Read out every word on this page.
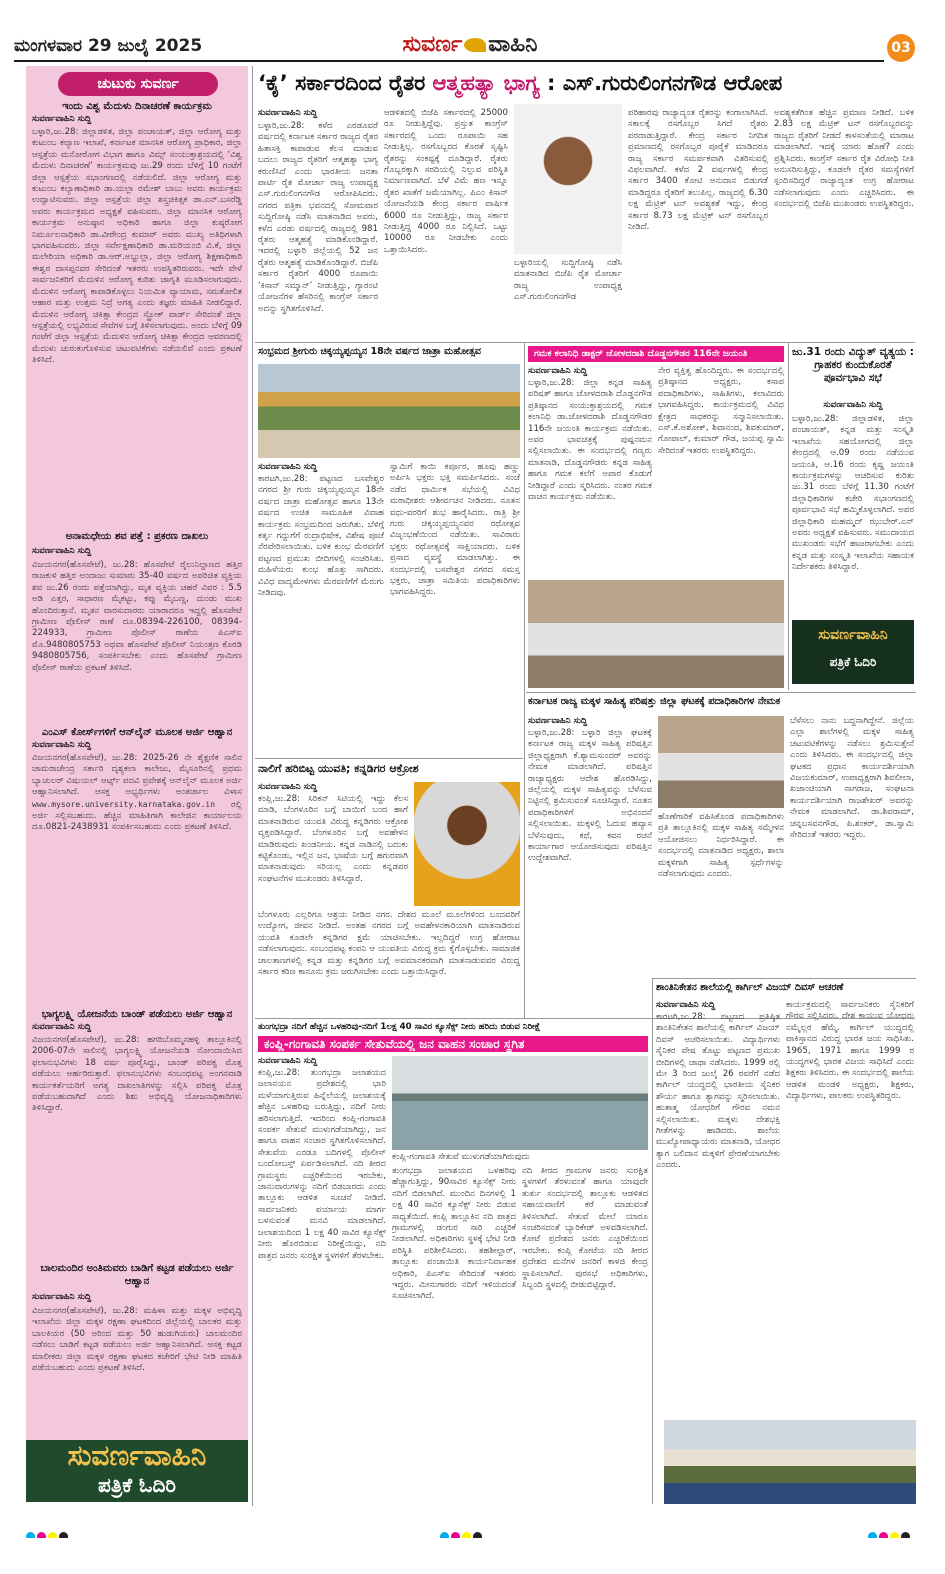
ಮಂಗಳವಾರ 29 ಜುಲೈ 2025	ಸುವರ್ಣ ವಾಹಿನಿ	03
ಚುಟುಕು ಸುವರ್ಣ
ಇಂದು ವಿಶ್ವ ಮೆದುಳು ದಿನಾಚರಣೆ ಕಾರ್ಯಕ್ರಮ
ಸುವರ್ಣವಾಹಿನಿ ಸುದ್ದಿ
ಬಳ್ಳಾರಿ,ಜು.28: ಜಿಲ್ಲಾಡಳಿತ, ಜಿಲ್ಲಾ ಪಂಚಾಯತ್, ಜಿಲ್ಲಾ ಆರೋಗ್ಯ ಮತ್ತು ಕುಟುಂಬ ಕಲ್ಯಾಣ ಇಲಾಖೆ, ಕರ್ನಾಟಕ ಮಾನಸಿಕ ಆರೋಗ್ಯ ಪ್ರಾಧಿಕಾರ, ಜಿಲ್ಲಾ ಆಸ್ಪತ್ರೆಯ ಮನೋರೋಗ ವಿಭಾಗ ಹಾಗೂ ವಿಮ್ಸ್ ಸಂಯುಕ್ತಾಶ್ರಯದಲ್ಲಿ ‘ವಿಶ್ವ ಮೆದುಳು ದಿನಾಚರಣೆ’ ಕಾರ್ಯಕ್ರಮವು ಜು.29 ರಂದು ಬೆಳಿಗ್ಗೆ 10 ಗಂಟೆಗೆ ಜಿಲ್ಲಾ ಆಸ್ಪತ್ರೆಯ ಸಭಾಂಗಣದಲ್ಲಿ ನಡೆಯಲಿದೆ. ಜಿಲ್ಲಾ ಆರೋಗ್ಯ ಮತ್ತು ಕುಟುಂಬ ಕಲ್ಯಾಣಾಧಿಕಾರಿ ಡಾ.ಯಲ್ಲಾ ರಮೇಶ್ ಬಾಬು ಅವರು ಕಾರ್ಯಕ್ರಮ ಉದ್ಘಾಟಿಸುವರು. ಜಿಲ್ಲಾ ಆಸ್ಪತ್ರೆಯ ಜಿಲ್ಲಾ ಶಸ್ತ್ರಚಿಕಿತ್ಸಕ ಡಾ.ಎನ್.ಬಸರೆಡ್ಡಿ ಅವರು ಕಾರ್ಯಕ್ರಮದ ಅಧ್ಯಕ್ಷತೆ ವಹಿಸುವರು. ಜಿಲ್ಲಾ ಮಾನಸಿಕ ಆರೋಗ್ಯ ಕಾರ್ಯಕ್ರಮ ಅನುಷ್ಠಾನ ಅಧಿಕಾರಿ ಹಾಗೂ ಜಿಲ್ಲಾ ಕುಷ್ಠರೋಗ ನಿರ್ಮೂಲನಾಧಿಕಾರಿ ಡಾ.ವೀರೇಂದ್ರ ಕುಮಾರ್ ಅವರು ಮುಖ್ಯ ಅತಿಥಿಗಳಾಗಿ ಭಾಗವಹಿಸುವರು. ಜಿಲ್ಲಾ ಸರ್ವೇಕ್ಷಣಾಧಿಕಾರಿ ಡಾ.ಮರಿಯಂಬಿ ವಿ.ಕೆ, ಜಿಲ್ಲಾ ಮಲೇರಿಯಾ ಅಧಿಕಾರಿ ಡಾ.ಆರ್.ಅಬ್ದುಲ್ಲಾ, ಜಿಲ್ಲಾ ಆರೋಗ್ಯ ಶಿಕ್ಷಣಾಧಿಕಾರಿ ಈಶ್ವರ ದಾಸಪ್ಪನವರ ಸೇರಿದಂತೆ ಇತರರು ಉಪಸ್ಥಿತರಿರುವರು. ಇದೇ ವೇಳೆ ಸಾರ್ವಜನಿಕರಿಗೆ ಮೆದುಳಿನ ಆರೋಗ್ಯ ಕುರಿತು ಜಾಗೃತಿ ಮೂಡಿಸಲಾಗುವುದು. ಮೆದುಳಿನ ಆರೋಗ್ಯ ಕಾಪಾಡಿಕೊಳ್ಳಲು ನಿಯಮಿತ ವ್ಯಾಯಾಮ, ಸಮತೋಲಿತ ಆಹಾರ ಮತ್ತು ಉತ್ತಮ ನಿದ್ರೆ ಅಗತ್ಯ ಎಂದು ತಜ್ಞರು ಮಾಹಿತಿ ನೀಡಲಿದ್ದಾರೆ. ಮೆದುಳಿನ ಆರೋಗ್ಯ ಚಿಕಿತ್ಸಾ ಕೇಂದ್ರದ ಸ್ಟ್ರೋಕ್ ವಾರ್ಡ್ ಸೇರಿದಂತೆ ಜಿಲ್ಲಾ ಆಸ್ಪತ್ರೆಯಲ್ಲಿ ಲಭ್ಯವಿರುವ ಸೇವೆಗಳ ಬಗ್ಗೆ ತಿಳಿಸಲಾಗುವುದು. ಅಂದು ಬೆಳಿಗ್ಗೆ 09 ಗಂಟೆಗೆ ಜಿಲ್ಲಾ ಆಸ್ಪತ್ರೆಯ ಮೆದುಳಿನ ಆರೋಗ್ಯ ಚಿಕಿತ್ಸಾ ಕೇಂದ್ರದ ಆವರಣದಲ್ಲಿ ಮೆದುಳು ಚುರುಕುಗೊಳಿಸುವ ಚಟುವಟಿಕೆಗಳು ನಡೆಯಲಿವೆ ಎಂದು ಪ್ರಕಟಣೆ ತಿಳಿಸಿದೆ.
ಅನಾಮಧೇಯ ಶವ ಪತ್ತೆ : ಪ್ರಕರಣ ದಾಖಲು
ಸುವರ್ಣವಾಹಿನಿ ಸುದ್ದಿ
ವಿಜಯನಗರ(ಹೊಸಪೇಟೆ), ಜು.28: ಹೊಸಪೇಟೆ ರೈಲುನಿಲ್ದಾಣದ ಹತ್ತಿರ ರಾಜಕುಳಿ ಹತ್ತಿರ ಅಂದಾಜು ಸುಮಾರು 35-40 ವರ್ಷದ ಅಪರಿಚಿತ ವ್ಯಕ್ತಿಯ ಶವ ಜು.26 ರಂದು ಪತ್ತೆಯಾಗಿದ್ದು, ಮೃತ ವ್ಯಕ್ತಿಯ ಚಹರೆ ವಿವರ : 5.5 ಅಡಿ ಎತ್ತರ, ಸಾಧಾರಣ ಮೈಕಟ್ಟು, ಕಪ್ಪು ಮೈಬಣ್ಣ, ದುಂಡು ಮುಖ ಹೊಂದಿರುತ್ತಾನೆ. ಮೃತನ ವಾರಸುದಾರರು ಯಾರಾದರೂ ಇದ್ದಲ್ಲಿ ಹೊಸಪೇಟೆ ಗ್ರಾಮೀಣ ಪೊಲೀಸ್ ಠಾಣೆ ದೂ.08394-226100, 08394-224933, ಗ್ರಾಮೀಣ ಪೊಲೀಸ್ ಠಾಣೆಯ ಪಿಎಸ್ಐ ಮೊ.9480805753 ಅಥವಾ ಹೊಸಪೇಟೆ ಪೊಲೀಸ್ ನಿಯಂತ್ರಣ ಕೊಠಡಿ 9480805756, ಸಂಪರ್ಕಿಸಬೇಕು ಎಂದು ಹೊಸಪೇಟೆ ಗ್ರಾಮೀಣ ಪೊಲೀಸ್ ಠಾಣೆಯ ಪ್ರಕಟಣೆ ತಿಳಿಸಿದೆ.
ಎಂಎಸ್ ಕೋರ್ಸ್‌ಗಳಿಗೆ ಆನ್‌ಲೈನ್ ಮೂಲಕ ಅರ್ಜಿ ಆಹ್ವಾನ
ಸುವರ್ಣವಾಹಿನಿ ಸುದ್ದಿ
ವಿಜಯನಗರ(ಹೊಸಪೇಟೆ), ಜು.28: 2025-26 ನೇ ಶೈಕ್ಷಣಿಕ ಸಾಲಿನ ಚಾಮರಾಜೇಂದ್ರ ಸರ್ಕಾರಿ ದೃಶ್ಯಕಲಾ ಕಾಲೇಜು, ಮೈಸೂರಿನಲ್ಲಿ ಪ್ರಥಮ ಬ್ಯಾಚುಲರ್ ವಿಷುಯಲ್ ಆರ್ಟ್ಸ್ ಪದವಿ ಪ್ರವೇಶಕ್ಕೆ ಆನ್‌ಲೈನ್ ಮೂಲಕ ಅರ್ಜಿ ಆಹ್ವಾನಿಸಲಾಗಿದೆ. ಆಸಕ್ತ ಅಭ್ಯರ್ಥಿಗಳು ಅಂತರ್ಜಾಲ ವಿಳಾಸ www.mysore.university.karnataka.gov.in ರಲ್ಲಿ ಅರ್ಜಿ ಸಲ್ಲಿಸಬಹುದು. ಹೆಚ್ಚಿನ ಮಾಹಿತಿಗಾಗಿ ಕಾಲೇಜಿನ ಕಾರ್ಯಾಲಯ ದೂ.0821-2438931 ಸಂಪರ್ಕಿಸಬಹುದು ಎಂದು ಪ್ರಕಟಣೆ ತಿಳಿಸಿದೆ.
ಭಾಗ್ಯಲಕ್ಷ್ಮಿ ಯೋಜನೆಯ ಬಾಂಡ್ ಪಡೆಯಲು ಅರ್ಜಿ ಆಹ್ವಾನ
ಸುವರ್ಣವಾಹಿನಿ ಸುದ್ದಿ
ವಿಜಯನಗರ(ಹೊಸಪೇಟೆ), ಜು.28: ಹಗರಿಬೊಮ್ಮನಹಳ್ಳಿ ತಾಲ್ಲೂಕಿನಲ್ಲಿ 2006-07ನೇ ಸಾಲಿನಲ್ಲಿ ಭಾಗ್ಯಲಕ್ಷ್ಮಿ ಯೋಜನೆಯಡಿ ನೋಂದಾಯಿಸಿದ ಫಲಾನುಭವಿಗಳು 18 ವರ್ಷ ಪೂರೈಸಿದ್ದು, ಬಾಂಡ್ ಪರಿಪಕ್ವ ಮೊತ್ತ ಪಡೆಯಲು ಅರ್ಹರಿರುತ್ತಾರೆ. ಫಲಾನುಭವಿಗಳು ಸಂಬಂಧಪಟ್ಟ ಅಂಗನವಾಡಿ ಕಾರ್ಯಕರ್ತೆಯರಿಗೆ ಅಗತ್ಯ ದಾಖಲಾತಿಗಳನ್ನು ಸಲ್ಲಿಸಿ ಪರಿಪಕ್ವ ಮೊತ್ತ ಪಡೆಯಬಹುದಾಗಿದೆ ಎಂದು ಶಿಶು ಅಭಿವೃದ್ಧಿ ಯೋಜನಾಧಿಕಾರಿಗಳು ತಿಳಿಸಿದ್ದಾರೆ.
ಬಾಲಮಂದಿರ ಅಂತಿಮವರು ಬಾಡಿಗೆ ಕಟ್ಟಡ ಪಡೆಯಲು ಅರ್ಜಿ ಆಹ್ವಾನ
ಸುವರ್ಣವಾಹಿನಿ ಸುದ್ದಿ
ವಿಜಯನಗರ(ಹೊಸಪೇಟೆ), ಜು.28: ಮಹಿಳಾ ಮತ್ತು ಮಕ್ಕಳ ಅಭಿವೃದ್ಧಿ ಇಲಾಖೆಯ ಜಿಲ್ಲಾ ಮಕ್ಕಳ ರಕ್ಷಣಾ ಘಟಕದಿಂದ ಜಿಲ್ಲೆಯಲ್ಲಿ ಬಾಲಕರ ಮತ್ತು ಬಾಲಕಿಯರ (50 ಅರಿಂದ ಮತ್ತು 50 ಹುಡುಗಿಯರು) ಬಾಲಮಂದಿರ ನಡೆಸಲು ಬಾಡಿಗೆ ಕಟ್ಟಡ ಪಡೆಯಲು ಅರ್ಜಿ ಆಹ್ವಾನಿಸಲಾಗಿದೆ. ಆಸಕ್ತ ಕಟ್ಟಡ ಮಾಲೀಕರು ಜಿಲ್ಲಾ ಮಕ್ಕಳ ರಕ್ಷಣಾ ಘಟಕದ ಕಚೇರಿಗೆ ಭೇಟಿ ನೀಡಿ ಮಾಹಿತಿ ಪಡೆಯಬಹುದು ಎಂದು ಪ್ರಕಟಣೆ ತಿಳಿಸಿದೆ.
ಸುವರ್ಣವಾಹಿನಿ
ಪತ್ರಿಕೆ ಓದಿರಿ
‘ಕೈ’ ಸರ್ಕಾರದಿಂದ ರೈತರ ಆತ್ಮಹತ್ಯಾ ಭಾಗ್ಯ : ಎಸ್.ಗುರುಲಿಂಗನಗೌಡ ಆರೋಪ
ಸುವರ್ಣವಾಹಿನಿ ಸುದ್ದಿ
ಬಳ್ಳಾರಿ,ಜು.28: ಕಳೆದ ಎರಡೂವರೆ ವರ್ಷದಲ್ಲಿ ಕರ್ನಾಟಕ ಸರ್ಕಾರ ರಾಜ್ಯದ ರೈತರ ಹಿತಾಸಕ್ತಿ ಕಾಪಾಡುವ ಕೆಲಸ ಮಾಡುವ ಬದಲು ರಾಜ್ಯದ ರೈತರಿಗೆ ಆತ್ಮಹತ್ಯಾ ಭಾಗ್ಯ ಕರುಣಿಸಿದೆ ಎಂದು ಭಾರತೀಯ ಜನತಾ ಪಾರ್ಟಿ ರೈತ ಮೋರ್ಚಾ ರಾಜ್ಯ ಉಪಾಧ್ಯಕ್ಷ ಎಸ್.ಗುರುಲಿಂಗನಗೌಡ ಆರೋಪಿಸಿದರು. ನಗರದ ಪತ್ರಿಕಾ ಭವನದಲ್ಲಿ ಸೋಮವಾರ ಸುದ್ದಿಗೋಷ್ಠಿ ನಡೆಸಿ ಮಾತನಾಡಿದ ಅವರು, ಕಳೆದ ಎರಡು ವರ್ಷದಲ್ಲಿ ರಾಜ್ಯದಲ್ಲಿ 981 ರೈತರು ಆತ್ಮಹತ್ಯೆ ಮಾಡಿಕೊಂಡಿದ್ದಾರೆ. ಇದರಲ್ಲಿ ಬಳ್ಳಾರಿ ಜಿಲ್ಲೆಯಲ್ಲಿ 52 ಜನ ರೈತರು ಆತ್ಮಹತ್ಯೆ ಮಾಡಿಕೊಂಡಿದ್ದಾರೆ. ಬಿಜೆಪಿ ಸರ್ಕಾರ ರೈತರಿಗೆ 4000 ರೂಪಾಯಿ ‘ಕಿಸಾನ್ ಸಮ್ಮಾನ್’ ನೀಡುತ್ತಿದ್ದು, ಗ್ಯಾರಂಟಿ ಯೋಜನೆಗಳ ಹೆಸರಿನಲ್ಲಿ ಕಾಂಗ್ರೆಸ್ ಸರ್ಕಾರ ಅದನ್ನು ಸ್ಥಗಿತಗೊಳಿಸಿದೆ.
ಆಡಳಿತದಲ್ಲಿ ಬಿಜೆಪಿ ಸರ್ಕಾರದಲ್ಲಿ 25000 ರೂ ನೀಡುತ್ತಿದ್ದೆವು. ಪ್ರಸ್ತುತ ಕಾಂಗ್ರೆಸ್ ಸರ್ಕಾರದಲ್ಲಿ ಒಂದು ರೂಪಾಯಿ ಸಹ ನೀಡುತ್ತಿಲ್ಲ. ರಸಗೊಬ್ಬರದ ಕೊರತೆ ಸೃಷ್ಟಿಸಿ ರೈತರನ್ನು ಸಂಕಷ್ಟಕ್ಕೆ ದೂಡಿದ್ದಾರೆ. ರೈತರು ಗೊಬ್ಬರಕ್ಕಾಗಿ ಸರದಿಯಲ್ಲಿ ನಿಲ್ಲುವ ಪರಿಸ್ಥಿತಿ ನಿರ್ಮಾಣವಾಗಿದೆ. ಬೆಳೆ ವಿಮೆ ಹಣ ಇನ್ನೂ ರೈತರ ಖಾತೆಗೆ ಜಮೆಯಾಗಿಲ್ಲ. ಪಿಎಂ ಕಿಸಾನ್ ಯೋಜನೆಯಡಿ ಕೇಂದ್ರ ಸರ್ಕಾರ ವಾರ್ಷಿಕ 6000 ರೂ ನೀಡುತ್ತಿದ್ದು, ರಾಜ್ಯ ಸರ್ಕಾರ ನೀಡುತ್ತಿದ್ದ 4000 ರೂ ನಿಲ್ಲಿಸಿದೆ. ಒಟ್ಟು 10000 ರೂ ನೀಡಬೇಕು ಎಂದು ಒತ್ತಾಯಿಸಿದರು.
ಬಳ್ಳಾರಿಯಲ್ಲಿ ಸುದ್ದಿಗೋಷ್ಠಿ ನಡೆಸಿ ಮಾತನಾಡಿದ ಬಿಜೆಪಿ ರೈತ ಮೋರ್ಚಾ ರಾಜ್ಯ ಉಪಾಧ್ಯಕ್ಷ ಎಸ್.ಗುರುಲಿಂಗನಗೌಡ
ಪರಿಹಾರವು ರಾಜ್ಯಾದ್ಯಂತ ರೈತರನ್ನು ಕಂಗಾಲಾಗಿಸಿದೆ. ಸಕಾಲಕ್ಕೆ ರಸಗೊಬ್ಬರ ಸಿಗದೆ ರೈತರು ಪರದಾಡುತ್ತಿದ್ದಾರೆ. ಕೇಂದ್ರ ಸರ್ಕಾರ ನಿಗದಿತ ಪ್ರಮಾಣದಲ್ಲಿ ರಸಗೊಬ್ಬರ ಪೂರೈಕೆ ಮಾಡಿದರೂ ರಾಜ್ಯ ಸರ್ಕಾರ ಸಮರ್ಪಕವಾಗಿ ವಿತರಿಸುವಲ್ಲಿ ವಿಫಲವಾಗಿದೆ. ಕಳೆದ 2 ವರ್ಷಗಳಲ್ಲಿ ಕೇಂದ್ರ ಸರ್ಕಾರ 3400 ಕೋಟಿ ಅನುದಾನ ಬಿಡುಗಡೆ ಮಾಡಿದ್ದರೂ ರೈತರಿಗೆ ತಲುಪಿಲ್ಲ. ರಾಜ್ಯದಲ್ಲಿ 6.30 ಲಕ್ಷ ಮೆಟ್ರಿಕ್ ಟನ್ ಅವಶ್ಯಕತೆ ಇದ್ದು, ಕೇಂದ್ರ ಸರ್ಕಾರ 8.73 ಲಕ್ಷ ಮೆಟ್ರಿಕ್ ಟನ್ ರಸಗೊಬ್ಬರ ನೀಡಿದೆ.
ಅವಶ್ಯಕತೆಗಿಂತ ಹೆಚ್ಚಿನ ಪ್ರಮಾಣ ನೀಡಿದೆ. ಬಳಿಕ 2.83 ಲಕ್ಷ ಮೆಟ್ರಿಕ್ ಟನ್ ರಸಗೊಬ್ಬರವನ್ನು ರಾಜ್ಯದ ರೈತರಿಗೆ ನೀಡದೆ ಕಾಳಸಂತೆಯಲ್ಲಿ ಮಾರಾಟ ಮಾಡಲಾಗಿದೆ. ಇದಕ್ಕೆ ಯಾರು ಹೊಣೆ? ಎಂದು ಪ್ರಶ್ನಿಸಿದರು. ಕಾಂಗ್ರೆಸ್ ಸರ್ಕಾರ ರೈತ ವಿರೋಧಿ ನೀತಿ ಅನುಸರಿಸುತ್ತಿದ್ದು, ಕೂಡಲೇ ರೈತರ ಸಮಸ್ಯೆಗಳಿಗೆ ಸ್ಪಂದಿಸದಿದ್ದರೆ ರಾಜ್ಯಾದ್ಯಂತ ಉಗ್ರ ಹೋರಾಟ ನಡೆಸಲಾಗುವುದು ಎಂದು ಎಚ್ಚರಿಸಿದರು. ಈ ಸಂದರ್ಭದಲ್ಲಿ ಬಿಜೆಪಿ ಮುಖಂಡರು ಉಪಸ್ಥಿತರಿದ್ದರು.
ಸಂಭ್ರಮದ ಶ್ರೀಗುರು ಚಿಕ್ಕಯ್ಯಪ್ಪಯ್ಯನ 18ನೇ ವರ್ಷದ ಜಾತ್ರಾ ಮಹೋತ್ಸವ
ಸುವರ್ಣವಾಹಿನಿ ಸುದ್ದಿ
ಕಾರಟಗಿ,ಜು.28: ಪಟ್ಟಣದ ಬಸವೇಶ್ವರ ನಗರದ ಶ್ರೀ ಗುರು ಚಿಕ್ಕಯ್ಯಪ್ಪಯ್ಯನ 18ನೇ ವರ್ಷದ ಜಾತ್ರಾ ಮಹೋತ್ಸವ ಹಾಗೂ 13ನೇ ವರ್ಷದ ಉಚಿತ ಸಾಮೂಹಿಕ ವಿವಾಹ ಕಾರ್ಯಕ್ರಮ ಸಂಭ್ರಮದಿಂದ ಜರುಗಿತು. ಬೆಳಿಗ್ಗೆ ಕರ್ತೃ ಗದ್ದುಗೆಗೆ ರುದ್ರಾಭಿಷೇಕ, ವಿಶೇಷ ಪೂಜೆ ನೆರವೇರಿಸಲಾಯಿತು. ಬಳಿಕ ಕುಂಭ ಮೆರವಣಿಗೆ ಪಟ್ಟಣದ ಪ್ರಮುಖ ಬೀದಿಗಳಲ್ಲಿ ಸಂಚರಿಸಿತು. ಮಹಿಳೆಯರು ಕುಂಭ ಹೊತ್ತು ಸಾಗಿದರು. ವಿವಿಧ ವಾದ್ಯಮೇಳಗಳು ಮೆರವಣಿಗೆಗೆ ಮೆರುಗು ನೀಡಿದವು.
ಸ್ವಾಮಿಗೆ ಕಾಯಿ ಕರ್ಪೂರ, ಹೂವು ಹಣ್ಣು ಅರ್ಪಿಸಿ ಭಕ್ತರು ಭಕ್ತಿ ಸಮರ್ಪಿಸಿದರು. ಸಂಜೆ ನಡೆದ ಧಾರ್ಮಿಕ ಸಭೆಯಲ್ಲಿ ವಿವಿಧ ಮಠಾಧೀಶರು ಆಶೀರ್ವಚನ ನೀಡಿದರು. ನೂತನ ವಧು-ವರರಿಗೆ ಶುಭ ಹಾರೈಸಿದರು. ರಾತ್ರಿ ಶ್ರೀ ಗುರು ಚಿಕ್ಕಯ್ಯಪ್ಪಯ್ಯನವರ ರಥೋತ್ಸವ ವಿಜೃಂಭಣೆಯಿಂದ ನಡೆಯಿತು. ಸಾವಿರಾರು ಭಕ್ತರು ರಥೋತ್ಸವಕ್ಕೆ ಸಾಕ್ಷಿಯಾದರು. ಬಳಿಕ ಪ್ರಸಾದ ವ್ಯವಸ್ಥೆ ಮಾಡಲಾಗಿತ್ತು. ಈ ಸಂದರ್ಭದಲ್ಲಿ ಬಸವೇಶ್ವರ ನಗರದ ಸಮಸ್ತ ಭಕ್ತರು, ಜಾತ್ರಾ ಸಮಿತಿಯ ಪದಾಧಿಕಾರಿಗಳು ಭಾಗವಹಿಸಿದ್ದರು.
ನಾಲಿಗೆ ಹರಿಬಿಟ್ಟ ಯುವತಿ; ಕನ್ನಡಿಗರ ಆಕ್ರೋಶ
ಸುವರ್ಣವಾಹಿನಿ ಸುದ್ದಿ
ಕಂಪ್ಲಿ,ಜು.28: ಸಿರಿಕನ್ ಸಿಟಿಯಲ್ಲಿ ಇದ್ದು ಕೆಲಸ ಮಾಡಿ, ಬೆಂಗಳೂರಿನ ಬಗ್ಗೆ ಬಾಯಿಗೆ ಬಂದ ಹಾಗೆ ಮಾತನಾಡಿರುವ ಯುವತಿ ವಿರುದ್ಧ ಕನ್ನಡಿಗರು ಆಕ್ರೋಶ ವ್ಯಕ್ತಪಡಿಸಿದ್ದಾರೆ. ಬೆಂಗಳೂರಿನ ಬಗ್ಗೆ ಅವಹೇಳನ ಮಾಡಿರುವುದು ಖಂಡನೀಯ. ಕನ್ನಡ ನಾಡಿನಲ್ಲಿ ಬದುಕು ಕಟ್ಟಿಕೊಂಡು, ಇಲ್ಲಿನ ಜನ, ಭಾಷೆಯ ಬಗ್ಗೆ ಹಗುರವಾಗಿ ಮಾತನಾಡುವುದು ಸರಿಯಲ್ಲ ಎಂದು ಕನ್ನಡಪರ ಸಂಘಟನೆಗಳ ಮುಖಂಡರು ತಿಳಿಸಿದ್ದಾರೆ.
ಬೆಂಗಳೂರು ಎಲ್ಲರಿಗೂ ಆಶ್ರಯ ನೀಡಿದ ನಗರ. ದೇಶದ ಮೂಲೆ ಮೂಲೆಗಳಿಂದ ಬಂದವರಿಗೆ ಉದ್ಯೋಗ, ಜೀವನ ನೀಡಿದೆ. ಅಂತಹ ನಗರದ ಬಗ್ಗೆ ಅವಹೇಳನಕಾರಿಯಾಗಿ ಮಾತನಾಡಿರುವ ಯುವತಿ ಕೂಡಲೇ ಕನ್ನಡಿಗರ ಕ್ಷಮೆ ಯಾಚಿಸಬೇಕು. ಇಲ್ಲದಿದ್ದರೆ ಉಗ್ರ ಹೋರಾಟ ನಡೆಸಲಾಗುವುದು. ಸಂಬಂಧಪಟ್ಟ ಕಂಪನಿ ಆ ಯುವತಿಯ ವಿರುದ್ಧ ಕ್ರಮ ಕೈಗೊಳ್ಳಬೇಕು. ಸಾಮಾಜಿಕ ಜಾಲತಾಣಗಳಲ್ಲಿ ಕನ್ನಡ ಮತ್ತು ಕನ್ನಡಿಗರ ಬಗ್ಗೆ ಅವಮಾನಕರವಾಗಿ ಮಾತನಾಡುವವರ ವಿರುದ್ಧ ಸರ್ಕಾರ ಕಠಿಣ ಕಾನೂನು ಕ್ರಮ ಜರುಗಿಸಬೇಕು ಎಂದು ಒತ್ತಾಯಿಸಿದ್ದಾರೆ.
ತುಂಗಭದ್ರಾ ನದಿಗೆ ಹೆಚ್ಚಿನ ಒಳಹರಿವು-ನದಿಗೆ 1ಲಕ್ಷ 40 ಸಾವಿರ ಕ್ಯೂಸೆಕ್ಸ್ ನೀರು ಹರಿದು ಬಿಡುವ ನಿರೀಕ್ಷೆ
ಕಂಪ್ಲಿ-ಗಂಗಾವತಿ ಸಂಪರ್ಕ ಸೇತುವೆಯಲ್ಲಿ ಜನ ವಾಹನ ಸಂಚಾರ ಸ್ಥಗಿತ
ಸುವರ್ಣವಾಹಿನಿ ಸುದ್ದಿ
ಕಂಪ್ಲಿ,ಜು.28: ತುಂಗಭದ್ರಾ ಜಲಾಶಯದ ಜಲಾನಯನ ಪ್ರದೇಶದಲ್ಲಿ ಭಾರಿ ಮಳೆಯಾಗುತ್ತಿರುವ ಹಿನ್ನೆಲೆಯಲ್ಲಿ ಜಲಾಶಯಕ್ಕೆ ಹೆಚ್ಚಿನ ಒಳಹರಿವು ಬರುತ್ತಿದ್ದು, ನದಿಗೆ ನೀರು ಹರಿಸಲಾಗುತ್ತಿದೆ. ಇದರಿಂದ ಕಂಪ್ಲಿ-ಗಂಗಾವತಿ ಸಂಪರ್ಕ ಸೇತುವೆ ಮುಳುಗಡೆಯಾಗಿದ್ದು, ಜನ ಹಾಗೂ ವಾಹನ ಸಂಚಾರ ಸ್ಥಗಿತಗೊಳಿಸಲಾಗಿದೆ. ಸೇತುವೆಯ ಎರಡೂ ಬದಿಗಳಲ್ಲಿ ಪೊಲೀಸ್ ಬಂದೋಬಸ್ತ್ ಏರ್ಪಡಿಸಲಾಗಿದೆ. ನದಿ ತೀರದ ಗ್ರಾಮಸ್ಥರು ಎಚ್ಚರಿಕೆಯಿಂದ ಇರಬೇಕು, ಜಾನುವಾರುಗಳನ್ನು ನದಿಗೆ ಬಿಡಬಾರದು ಎಂದು ತಾಲ್ಲೂಕು ಆಡಳಿತ ಸೂಚನೆ ನೀಡಿದೆ. ಸಾರ್ವಜನಿಕರು ಪರ್ಯಾಯ ಮಾರ್ಗ ಬಳಸುವಂತೆ ಮನವಿ ಮಾಡಲಾಗಿದೆ. ಜಲಾಶಯದಿಂದ 1 ಲಕ್ಷ 40 ಸಾವಿರ ಕ್ಯೂಸೆಕ್ಸ್ ನೀರು ಹೊರಬಿಡುವ ನಿರೀಕ್ಷೆಯಿದ್ದು, ನದಿ ಪಾತ್ರದ ಜನರು ಸುರಕ್ಷಿತ ಸ್ಥಳಗಳಿಗೆ ತೆರಳಬೇಕು.
ಕಂಪ್ಲಿ-ಗಂಗಾವತಿ ಸೇತುವೆ ಮುಳುಗಡೆಯಾಗಿರುವುದು
ತುಂಗಭದ್ರಾ ಜಲಾಶಯದ ಒಳಹರಿವು ಹೆಚ್ಚಾಗುತ್ತಿದ್ದು, 90ಸಾವಿರ ಕ್ಯೂಸೆಕ್ಸ್ ನೀರು ನದಿಗೆ ಬಿಡಲಾಗಿದೆ. ಮುಂದಿನ ದಿನಗಳಲ್ಲಿ 1 ಲಕ್ಷ 40 ಸಾವಿರ ಕ್ಯೂಸೆಕ್ಸ್ ನೀರು ಬಿಡುವ ಸಾಧ್ಯತೆಯಿದೆ. ಕಂಪ್ಲಿ ತಾಲ್ಲೂಕಿನ ನದಿ ಪಾತ್ರದ ಗ್ರಾಮಗಳಲ್ಲಿ ಡಂಗುರ ಸಾರಿ ಎಚ್ಚರಿಕೆ ನೀಡಲಾಗಿದೆ. ಅಧಿಕಾರಿಗಳು ಸ್ಥಳಕ್ಕೆ ಭೇಟಿ ನೀಡಿ ಪರಿಸ್ಥಿತಿ ಪರಿಶೀಲಿಸಿದರು. ತಹಶೀಲ್ದಾರ್, ತಾಲ್ಲೂಕು ಪಂಚಾಯಿತಿ ಕಾರ್ಯನಿರ್ವಾಹಕ ಅಧಿಕಾರಿ, ಪಿಎಸ್ಐ ಸೇರಿದಂತೆ ಇತರರು ಇದ್ದರು. ಮೀನುಗಾರರು ನದಿಗೆ ಇಳಿಯದಂತೆ ಸೂಚಿಸಲಾಗಿದೆ.
ನದಿ ತೀರದ ಗ್ರಾಮಗಳ ಜನರು ಸುರಕ್ಷಿತ ಸ್ಥಳಗಳಿಗೆ ತೆರಳುವಂತೆ ಹಾಗೂ ಯಾವುದೇ ತುರ್ತು ಸಂದರ್ಭದಲ್ಲಿ ತಾಲ್ಲೂಕು ಆಡಳಿತದ ಸಹಾಯವಾಣಿಗೆ ಕರೆ ಮಾಡುವಂತೆ ತಿಳಿಸಲಾಗಿದೆ. ಸೇತುವೆ ಮೇಲೆ ಯಾರೂ ಸಂಚರಿಸದಂತೆ ಬ್ಯಾರಿಕೇಡ್ ಅಳವಡಿಸಲಾಗಿದೆ. ಕೋಟೆ ಪ್ರದೇಶದ ಜನರು ಎಚ್ಚರಿಕೆಯಿಂದ ಇರಬೇಕು. ಕಂಪ್ಲಿ ಕೋಟೆಯ ನದಿ ತೀರದ ಪ್ರದೇಶದ ಮನೆಗಳ ಜನರಿಗೆ ಕಾಳಜಿ ಕೇಂದ್ರ ಸ್ಥಾಪಿಸಲಾಗಿದೆ. ಪುರಸಭೆ ಅಧಿಕಾರಿಗಳು, ಸಿಬ್ಬಂದಿ ಸ್ಥಳದಲ್ಲಿ ಬೀಡುಬಿಟ್ಟಿದ್ದಾರೆ.
ಗಮಕ ಕಲಾನಿಧಿ ಡಾಕ್ಟರ್ ಜೋಳದರಾಶಿ ದೊಡ್ಡನಗೌಡರ 116ನೇ ಜಯಂತಿ
ಸುವರ್ಣವಾಹಿನಿ ಸುದ್ದಿ
ಬಳ್ಳಾರಿ,ಜು.28: ಜಿಲ್ಲಾ ಕನ್ನಡ ಸಾಹಿತ್ಯ ಪರಿಷತ್ ಹಾಗೂ ಜೋಳದರಾಶಿ ದೊಡ್ಡನಗೌಡ ಪ್ರತಿಷ್ಠಾನದ ಸಂಯುಕ್ತಾಶ್ರಯದಲ್ಲಿ ಗಮಕ ಕಲಾನಿಧಿ ಡಾ.ಜೋಳದರಾಶಿ ದೊಡ್ಡನಗೌಡರ 116ನೇ ಜಯಂತಿ ಕಾರ್ಯಕ್ರಮ ನಡೆಯಿತು. ಅವರ ಭಾವಚಿತ್ರಕ್ಕೆ ಪುಷ್ಪನಮನ ಸಲ್ಲಿಸಲಾಯಿತು. ಈ ಸಂದರ್ಭದಲ್ಲಿ ಗಣ್ಯರು ಮಾತನಾಡಿ, ದೊಡ್ಡನಗೌಡರು ಕನ್ನಡ ಸಾಹಿತ್ಯ ಹಾಗೂ ಗಮಕ ಕಲೆಗೆ ಅಪಾರ ಕೊಡುಗೆ ನೀಡಿದ್ದಾರೆ ಎಂದು ಸ್ಮರಿಸಿದರು. ನಂತರ ಗಮಕ ವಾಚನ ಕಾರ್ಯಕ್ರಮ ನಡೆಯಿತು.
ನೇರ ವ್ಯಕ್ತಿತ್ವ ಹೊಂದಿದ್ದರು. ಈ ಸಂದರ್ಭದಲ್ಲಿ ಪ್ರತಿಷ್ಠಾನದ ಅಧ್ಯಕ್ಷರು, ಕಸಾಪ ಪದಾಧಿಕಾರಿಗಳು, ಸಾಹಿತಿಗಳು, ಕಲಾವಿದರು ಭಾಗವಹಿಸಿದ್ದರು. ಕಾರ್ಯಕ್ರಮದಲ್ಲಿ ವಿವಿಧ ಕ್ಷೇತ್ರದ ಸಾಧಕರನ್ನು ಸನ್ಮಾನಿಸಲಾಯಿತು. ಎಸ್.ಕೆ.ಅಶೋಕ್, ಶಿವಾನಂದ, ಶಿವಕುಮಾರ್, ಗೋಪಾಲ್, ಕುಮಾರ್ ಗೌಡ, ಜಯಪ್ಪ ಸ್ವಾಮಿ ಸೇರಿದಂತೆ ಇತರರು ಉಪಸ್ಥಿತರಿದ್ದರು.
ಜು.31 ರಂದು ವಿದ್ಯುತ್ ವ್ಯತ್ಯಯ : ಗ್ರಾಹಕರ ಕುಂದುಕೊರತೆ ಪೂರ್ವಭಾವಿ ಸಭೆ
ಸುವರ್ಣವಾಹಿನಿ ಸುದ್ದಿ
ಬಳ್ಳಾರಿ,ಜು.28: ಜಿಲ್ಲಾಡಳಿತ, ಜಿಲ್ಲಾ ಪಂಚಾಯತ್, ಕನ್ನಡ ಮತ್ತು ಸಂಸ್ಕೃತಿ ಇಲಾಖೆಯ ಸಹಯೋಗದಲ್ಲಿ ಜಿಲ್ಲಾ ಕೇಂದ್ರದಲ್ಲಿ ಆ.09 ರಂದು ನಡೆಯುವ ಜಯಂತಿ, ಆ.16 ರಂದು ಕೃಷ್ಣ ಜಯಂತಿ ಕಾರ್ಯಕ್ರಮಗಳನ್ನು ಆಚರಿಸುವ ಕುರಿತು ಜು.31 ರಂದು ಬೆಳಿಗ್ಗೆ 11.30 ಗಂಟೆಗೆ ಜಿಲ್ಲಾಧಿಕಾರಿಗಳ ಕಚೇರಿ ಸಭಾಂಗಣದಲ್ಲಿ ಪೂರ್ವಭಾವಿ ಸಭೆ ಹಮ್ಮಿಕೊಳ್ಳಲಾಗಿದೆ. ಅಪರ ಜಿಲ್ಲಾಧಿಕಾರಿ ಮಹಮ್ಮದ್ ಝುಬೇರ್.ಎನ್ ಅವರು ಅಧ್ಯಕ್ಷತೆ ವಹಿಸುವರು. ಸಮುದಾಯದ ಮುಖಂಡರು ಸಭೆಗೆ ಹಾಜರಾಗಬೇಕು ಎಂದು ಕನ್ನಡ ಮತ್ತು ಸಂಸ್ಕೃತಿ ಇಲಾಖೆಯ ಸಹಾಯಕ ನಿರ್ದೇಶಕರು ತಿಳಿಸಿದ್ದಾರೆ.
ಸುವರ್ಣವಾಹಿನಿ
ಪತ್ರಿಕೆ ಓದಿರಿ
ಕರ್ನಾಟಕ ರಾಜ್ಯ ಮಕ್ಕಳ ಸಾಹಿತ್ಯ ಪರಿಷತ್ತು ಜಿಲ್ಲಾ ಘಟಕಕ್ಕೆ ಪದಾಧಿಕಾರಿಗಳ ನೇಮಕ
ಸುವರ್ಣವಾಹಿನಿ ಸುದ್ದಿ
ಬಳ್ಳಾರಿ,ಜು.28: ಬಳ್ಳಾರಿ ಜಿಲ್ಲಾ ಘಟಕಕ್ಕೆ ಕರ್ನಾಟಕ ರಾಜ್ಯ ಮಕ್ಕಳ ಸಾಹಿತ್ಯ ಪರಿಷತ್ತಿನ ಜಿಲ್ಲಾಧ್ಯಕ್ಷರಾಗಿ ಕೆ.ಶ್ಯಾಮಸುಂದರ್ ಅವರನ್ನು ನೇಮಕ ಮಾಡಲಾಗಿದೆ. ಪರಿಷತ್ತಿನ ರಾಜ್ಯಾಧ್ಯಕ್ಷರು ಆದೇಶ ಹೊರಡಿಸಿದ್ದು, ಜಿಲ್ಲೆಯಲ್ಲಿ ಮಕ್ಕಳ ಸಾಹಿತ್ಯವನ್ನು ಬೆಳೆಸುವ ನಿಟ್ಟಿನಲ್ಲಿ ಶ್ರಮಿಸುವಂತೆ ಸೂಚಿಸಿದ್ದಾರೆ. ನೂತನ ಪದಾಧಿಕಾರಿಗಳಿಗೆ ಅಭಿನಂದನೆ ಸಲ್ಲಿಸಲಾಯಿತು. ಮಕ್ಕಳಲ್ಲಿ ಓದುವ ಹವ್ಯಾಸ ಬೆಳೆಸುವುದು, ಕಥೆ, ಕವನ ರಚನೆ ಕಾರ್ಯಾಗಾರ ಆಯೋಜಿಸುವುದು ಪರಿಷತ್ತಿನ ಉದ್ದೇಶವಾಗಿದೆ.
ಹೊಣೆಗಾರಿಕೆ ವಹಿಸಿಕೊಂಡ ಪದಾಧಿಕಾರಿಗಳು ಪ್ರತಿ ತಾಲ್ಲೂಕಿನಲ್ಲಿ ಮಕ್ಕಳ ಸಾಹಿತ್ಯ ಸಮ್ಮೇಳನ ಆಯೋಜಿಸಲು ನಿರ್ಧರಿಸಿದ್ದಾರೆ. ಈ ಸಂದರ್ಭದಲ್ಲಿ ಮಾತನಾಡಿದ ಅಧ್ಯಕ್ಷರು, ಶಾಲಾ ಮಕ್ಕಳಿಗಾಗಿ ಸಾಹಿತ್ಯ ಸ್ಪರ್ಧೆಗಳನ್ನು ನಡೆಸಲಾಗುವುದು ಎಂದರು.
ಬೆಳೆಸಲು ನಾನು ಬದ್ಧನಾಗಿದ್ದೇನೆ. ಜಿಲ್ಲೆಯ ಎಲ್ಲಾ ಶಾಲೆಗಳಲ್ಲಿ ಮಕ್ಕಳ ಸಾಹಿತ್ಯ ಚಟುವಟಿಕೆಗಳನ್ನು ನಡೆಸಲು ಶ್ರಮಿಸುತ್ತೇನೆ ಎಂದು ತಿಳಿಸಿದರು. ಈ ಸಂದರ್ಭದಲ್ಲಿ ಜಿಲ್ಲಾ ಘಟಕದ ಪ್ರಧಾನ ಕಾರ್ಯದರ್ಶಿಯಾಗಿ ವಿಜಯಕುಮಾರ್, ಉಪಾಧ್ಯಕ್ಷರಾಗಿ ಶಿವಲೀಲಾ, ಖಜಾಂಚಿಯಾಗಿ ನಾಗರಾಜ, ಸಂಘಟನಾ ಕಾರ್ಯದರ್ಶಿಯಾಗಿ ರಾಜಶೇಖರ್ ಅವರನ್ನು ನೇಮಕ ಮಾಡಲಾಗಿದೆ. ಡಾ.ಶಿವರಾಮ್, ಚನ್ನಬಸವನಗೌಡ, ಪಿ.ಶಂಕರ್, ಡಾ.ಸ್ವಾಮಿ ಸೇರಿದಂತೆ ಇತರರು ಇದ್ದರು.
ಶಾಂತಿನಿಕೇತನ ಶಾಲೆಯಲ್ಲಿ ಕಾರ್ಗಿಲ್ ವಿಜಯ್ ದಿವಸ್ ಆಚರಣೆ
ಸುವರ್ಣವಾಹಿನಿ ಸುದ್ದಿ
ಕಾರಟಗಿ,ಜು.28: ಪಟ್ಟಣದ ಪ್ರತಿಷ್ಠಿತ ಶಾಂತಿನಿಕೇತನ ಶಾಲೆಯಲ್ಲಿ ಕಾರ್ಗಿಲ್ ವಿಜಯ್ ದಿವಸ್ ಆಚರಿಸಲಾಯಿತು. ವಿದ್ಯಾರ್ಥಿಗಳು ಸೈನಿಕರ ವೇಷ ತೊಟ್ಟು ಪಟ್ಟಣದ ಪ್ರಮುಖ ಬೀದಿಗಳಲ್ಲಿ ಜಾಥಾ ನಡೆಸಿದರು. 1999 ರಲ್ಲಿ ಮೇ 3 ರಿಂದ ಜುಲೈ 26 ರವರೆಗೆ ನಡೆದ ಕಾರ್ಗಿಲ್ ಯುದ್ಧದಲ್ಲಿ ಭಾರತೀಯ ಸೈನಿಕರ ಶೌರ್ಯ ಹಾಗೂ ತ್ಯಾಗವನ್ನು ಸ್ಮರಿಸಲಾಯಿತು. ಹುತಾತ್ಮ ಯೋಧರಿಗೆ ಗೌರವ ನಮನ ಸಲ್ಲಿಸಲಾಯಿತು. ಮಕ್ಕಳು ದೇಶಭಕ್ತಿ ಗೀತೆಗಳನ್ನು ಹಾಡಿದರು. ಶಾಲೆಯ ಮುಖ್ಯೋಪಾಧ್ಯಾಯರು ಮಾತನಾಡಿ, ಯೋಧರ ತ್ಯಾಗ ಬಲಿದಾನ ಮಕ್ಕಳಿಗೆ ಪ್ರೇರಣೆಯಾಗಬೇಕು ಎಂದರು.
ಕಾರ್ಯಕ್ರಮದಲ್ಲಿ ಸಾರ್ವಜನಿಕರು ಸೈನಿಕರಿಗೆ ಗೌರವ ಸಲ್ಲಿಸಿದರು. ದೇಶ ಕಾಯುವ ಯೋಧರು ನಮ್ಮೆಲ್ಲರ ಹೆಮ್ಮೆ. ಕಾರ್ಗಿಲ್ ಯುದ್ಧದಲ್ಲಿ ಪಾಕಿಸ್ತಾನದ ವಿರುದ್ಧ ಭಾರತ ಜಯ ಸಾಧಿಸಿತು. 1965, 1971 ಹಾಗೂ 1999 ರ ಯುದ್ಧಗಳಲ್ಲಿ ಭಾರತ ವಿಜಯ ಸಾಧಿಸಿದೆ ಎಂದು ಶಿಕ್ಷಕರು ತಿಳಿಸಿದರು. ಈ ಸಂದರ್ಭದಲ್ಲಿ ಶಾಲೆಯ ಆಡಳಿತ ಮಂಡಳಿ ಅಧ್ಯಕ್ಷರು, ಶಿಕ್ಷಕರು, ವಿದ್ಯಾರ್ಥಿಗಳು, ಪಾಲಕರು ಉಪಸ್ಥಿತರಿದ್ದರು.
